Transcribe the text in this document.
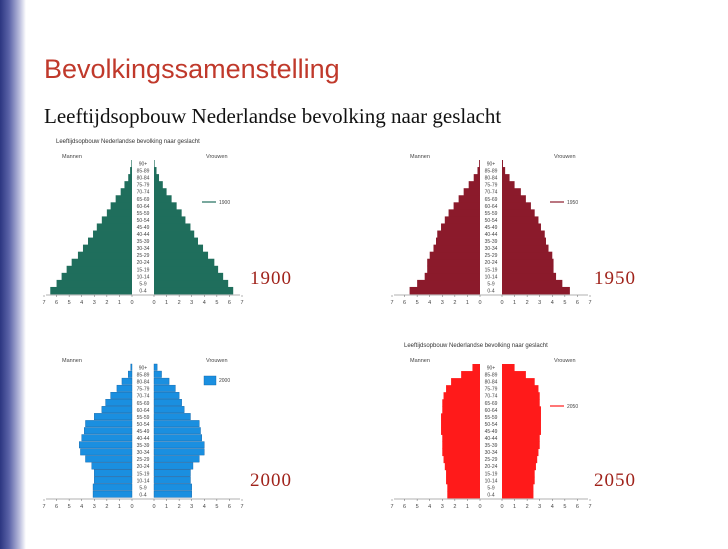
Bevolkingssamenstelling
Leeftijdsopbouw Nederlandse bevolking naar geslacht
Leeftijdsopbouw Nederlandse bevolking naar geslacht
Mannen	Vrouwen
0-4
5-9
10-14
15-19
20-24
25-29
30-34
35-39
40-44
45-49
50-54
55-59
60-64
65-69
70-74
75-79
80-84
85-89
90+
1900
7 6 5 4 3 2 1 0	0 1 2 3 4 5 6 7
Mannen	Vrouwen
0-4
5-9
10-14
15-19
20-24
25-29
30-34
35-39
40-44
45-49
50-54
55-59
60-64
65-69
70-74
75-79
80-84
85-89
90+
1950
7 6 5 4 3 2 1 0	0 1 2 3 4 5 6 7
Mannen	Vrouwen
0-4
5-9
10-14
15-19
20-24
25-29
30-34
35-39
40-44
45-49
50-54
55-59
60-64
65-69
70-74
75-79
80-84
85-89
90+
2000
7 6 5 4 3 2 1 0	0 1 2 3 4 5 6 7
Leeftijdsopbouw Nederlandse bevolking naar geslacht
Mannen	Vrouwen
0-4
5-9
10-14
15-19
20-24
25-29
30-34
35-39
40-44
45-49
50-54
55-59
60-64
65-69
70-74
75-79
80-84
85-89
90+
2050
7 6 5 4 3 2 1 0	0 1 2 3 4 5 6 7
1900	1950
2000	2050
